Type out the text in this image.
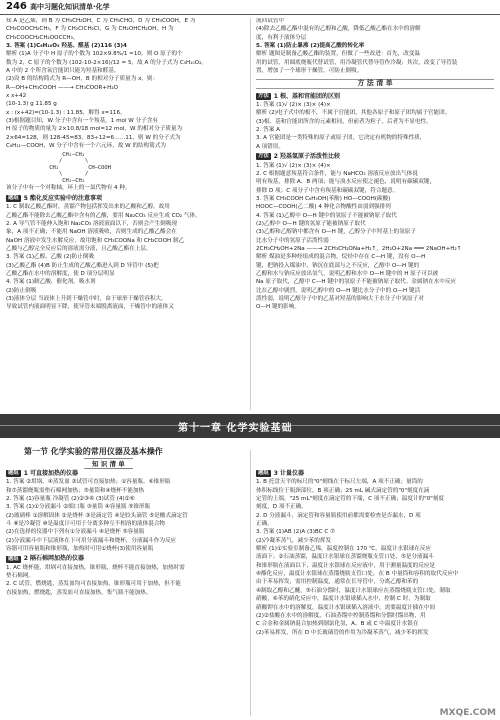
246 高中习题化知识清单·化学

知 A 是乙烯，则 B 为 CH₃CH₂OH，C 为 CH₃CHO，D 为 CH₃COOH，E 为

CH₃COOCH₂CH₃，F 为 CH₂ClCH₂Cl，G 为 CH₂OHCH₂OH，H 为

CH₃COOCH₂CH₂OOCCH₃。

3. 答案 (1)C₆H₁₀O₃ 羟基、醛基 (2)116 (3)4

解析 (1)A 分子中 H 原子的个数为 102×9.8%/1 ≈10，则 O 原子的个

数为 2，C 原子的个数为 (102-10-2×16)/12 = 5，故 A 的分子式为 C₅H₁₀O₂。

A 中的 2 个所含氧官能团只能为羟基和醛基。

(2)设 B 的结构简式为 R—OH，B 的相对分子质量为 x，则：

R—OH+CH₃COOH ——→ CH₃COOR+H₂O

x x+42

(10-1.3) g 11.85 g

x : (x+42)=(10-1.3) : 11.85，解得 x=116。

(3)根据题目知，W 分子中含有一个羧基，1 mol W 分子含有

H 原子的物质的量为 2×10.8/18 mol=12 mol，W 的相对分子质量为

2×64=128，则 128-45=83，83÷12=6……11，则 W 的分子式为

C₆H₁₁—COOH，W 分子中含有一个六元环，故 W 的结构简式为

CH₂—CH₂
/       \
CH₂         CH—COOH
\       /
CH₂—CH₂

该分子中有一个对称轴，环上的一氯代物有 4 种。

题组 5 酯化反应实验中的注意事项

1. C 制取乙酸乙酯时，蒸馏产物包括挥发出来的乙酸和乙醇，故用

乙酸乙酯不能除去乙酸乙酯中含有的乙酸，要用 Na₂CO₃ 反应生成 CO₂ 气体。

2. A 导气管不能伸入饱和 Na₂CO₃ 溶液液面以下，否则会产生倒吸现

象，A 项不正确；不能用 NaOH 溶液吸收，否则生成的乙酸乙酯会在

NaOH 溶液中发生水解反应，故用饱和 CH₃COONa 和 CH₃COOH 制乙

乙酸与乙醇完全反应后的溶液需分液，且乙酸乙酯在上层。

3. 答案 (1)乙醇、乙酸 (2)防止倒吸

(3)乙酸乙酯 (4)B 防止生成的乙酸乙酯进入到 D 导管中 (5)把

乙酸乙酯在水中的溶解度，使 D 项分层明显

4. 答案 (1)制乙酸、催化剂、吸水剂

(2)防止倒吸

(3)液体分层 当液体上升到干燥管中时，由于球形干燥管容积大，

导致试管内液面明显下降，使导管末端脱离液面，干燥管中的液体又

流回试管中

(4)除去乙酸乙酯中混有的乙醇和乙酸，降低乙酸乙酯在水中的溶解

度，有利于液体分层

5. 答案 (1)防止暴沸 (2)提高乙酸的转化率

解析 题图是制备乙酸乙酯的装置，但做了一些改进：首先，改变温

用的试管，用圆底烧瓶代替试管，用冷凝管代替导管作冷凝；其次，改变了导管装

置，增加了一个球形干燥管，可防止倒吸。

方 法 清 单

方法 1 根、基和官能团的区别

1. 答案 (1)√ (2)× (3)× (4)×

解析 (2)电子式中的根不，不属于官能团，其他各原子和原子团均属于官能团。

(3)根、基和官能团所含的元素相同，但前者为粒子，后者为不显电性。

2. 答案 A

3. A 官能团是一类特殊的原子或原子团，它决定有机物的特殊性质，

A 项错误。

方法 2 羟基氢原子活泼性比较

1. 答案 (1)√ (2)× (3)× (4)×

2. C 根据题意羧基符合条件，能与 NaHCO₃ 溶液反应放出气体说

明有羧基，排除 A、B 两项；能与溴水反应使之褪色，说明有碳碳双键，

排除 D 项；C 项分子中含有羧基和碳碳双键，符合题意。

3. 答案 CH₃COOH C₆H₅OH(苯酚) HO—COOH(碳酸)

HOOC—COOH(乙二酸) 4 种化合物酸性由弱到强排列

4. 答案 (1)乙醇中 O—H 键中的氢原子不能被钠原子取代

(2)乙醇中 O—H 键的氢原子能被钠原子取代

(3)乙醇和乙醇钠中都含有 O—H 键，乙醇分子中羟基上的氢原子

比水分子中的氢原子活泼性弱

2CH₃CH₂OH+2Na ——→ 2CH₃CH₂ONa+H₂↑，2H₂O+2Na ═══ 2NaOH+H₂↑

解析 煤油是多种烃组成的混合物，烷烃中存在 C—H 键，没有 O—H

键，把钠投入煤油中，钠沉在底部与之不反应，乙醇中 O—H 键的

乙醇和水与钠反应放出氢气，说明乙醇和水中 O—H 键中的 H 原子可以被

Na 原子取代，乙醇中 C—H 键中的氢原子不能被钠原子取代。金属钠在水中反应

比在乙醇中剧烈，说明乙醇中的 O—H 键比水分子中的 O—H 键活

泼性弱，说明乙醇分子中的乙基对羟基的影响大于水分子中氢原子对

O—H 键的影响。

第十一章 化学实验基础
第一节 化学实验的常用仪器及基本操作
知 识 清 单
题组 1 可直接加热的仪器

1. 答案 ②坩埚、④蒸发皿 ③试管可直接加热；①容量瓶、⑥锥形瓶

和⑦蒸馏烧瓶需垫石棉网加热；⑤量筒和④烧杯不能加热

2. 答案 (1)容量瓶 冷凝管 (2)②③⑥ (3)试管 (4)②⑥

3. 答案 (1)①分液漏斗 ②细口瓶 ③量筒 ④容量瓶 ⑤锥形瓶

(2)玻璃棒 ①溶解固体 ②是烧杯 ③是滴定管 ④是胶头滴管 ⑤是酸式滴定管

斗 ⑧是冷凝管 ⑩是温度计可用于分离多种互不相溶的液体混合物

(2)在选择的仪器中下列有①分液漏斗 ④是烧杯 ⑤容量瓶

(2)分液漏斗中下层液体在下可用分液漏斗和烧杯，分液漏斗作为反应

容器可用容量瓶和锥形瓶，加热时可用①烧杯(3)使用容量瓶

题组 2 隔石棉网加热的仪器

1. AC 烧杯能，坩埚可直接加热，锥形瓶，烧杯不能直接加热，加热时需

垫石棉网。

2. C 试管，燃烧匙，蒸发皿均可直接加热，锥形瓶可用于加热，但不能

直接加热，燃烧匙，蒸发皿可直接加热，集气瓶不能加热。

题组 3 计量仪器

1. B 托盘天平的标尺的"0"刻线在于标尺左端，A 项不正确；量筒的

体积标线位于瓶颈部位，B 项正确；25 mL 碱式滴定管的"0"刻度在滴

定管的上端，"25 mL"刻度在滴定管的下端，C 项不正确；温度计的"0"刻度

刻度，D 项不正确。

2. D 分液漏斗，滴定管和容量瓶使用前都需要检查是否漏水，D 项

正确。

3. 答案 (1)AB (2)A (3)BC C ⑦

(2)冷凝苯蒸气，减少苯的挥发

解析 (1)①实验室制备乙烯，温度控制在 170 ℃，温度计水银球在反应

液面下；②石油蒸馏，温度计水银球在蒸馏烧瓶支管口处，⑤是分液漏斗

和锥形瓶在液面以下，温度计水银球在反应液中，用于测量温度的反应是

⑥酯化反应，温度计水银球在蒸馏烧瓶支管口处，在 B 中量筒和容积的取代反应中

由于苯易挥发，需用控制温度，通常在长导管中，分离乙醇和苯的

④制取乙醇和乙醚，⑤石油分馏时，温度计水银球应在蒸馏烧瓶支管口处，制取

硝酸，⑥苯的硝化反应中，温度计水银球插入水中，控制 C 时，为制取

硝酸钾在水中的溶解度，温度计水银球插入溶液中，需要温度计插在中间

(2)②盐酸在水中的溶解度，石油蒸馏中控制蒸馏和分馏时馏出物，用

C 合金和金属钠混合加热到制氯化氢，A、B 或 C 中温度计水银在

(2)苯易挥发，所在 D 中长玻璃管的作用为冷凝苯蒸气，减少苯的挥发

MXQE.COM
